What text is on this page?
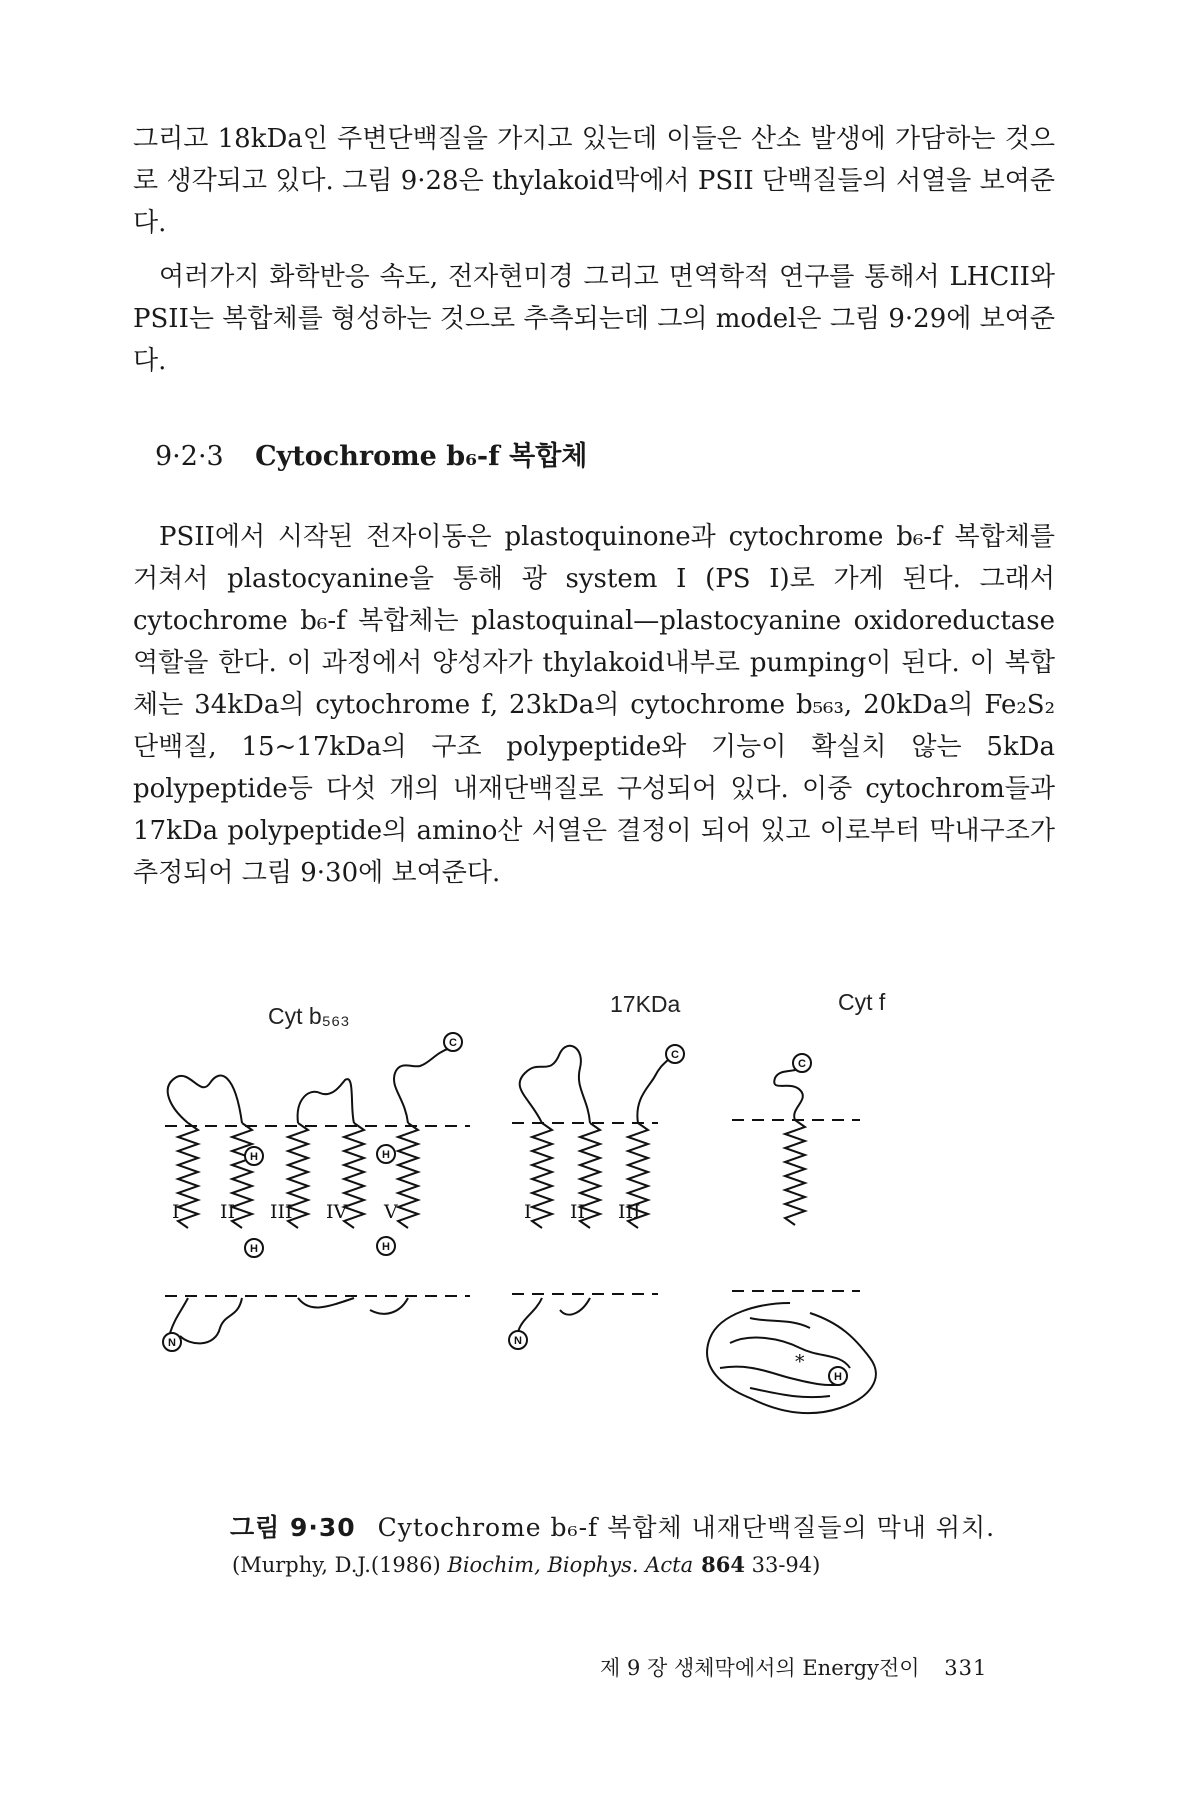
그리고 18kDa인 주변단백질을 가지고 있는데 이들은 산소 발생에 가담하는 것으로 생각되고 있다. 그림 9·28은 thylakoid막에서 PSII 단백질들의 서열을 보여준다.

여러가지 화학반응 속도, 전자현미경 그리고 면역학적 연구를 통해서 LHCII와 PSII는 복합체를 형성하는 것으로 추측되는데 그의 model은 그림 9·29에 보여준다.

9·2·3 Cytochrome b₆-f 복합체

PSII에서 시작된 전자이동은 plastoquinone과 cytochrome b₆-f 복합체를 거쳐서 plastocyanine을 통해 광 system I (PS I)로 가게 된다. 그래서 cytochrome b₆-f 복합체는 plastoquinal—plastocyanine oxidoreductase역할을 한다. 이 과정에서 양성자가 thylakoid내부로 pumping이 된다. 이 복합체는 34kDa의 cytochrome f, 23kDa의 cytochrome b₅₆₃, 20kDa의 Fe₂S₂단백질, 15~17kDa의 구조 polypeptide와 기능이 확실치 않는 5kDa polypeptide등 다섯 개의 내재단백질로 구성되어 있다. 이중 cytochrom들과 17kDa polypeptide의 amino산 서열은 결정이 되어 있고 이로부터 막내구조가 추정되어 그림 9·30에 보여준다.

Cyt b₅₆₃	17KDa	Cyt f
C
N
H
H
H
H
I II III IV V
C
N
I II III
C
H
*

그림 9·30 Cytochrome b₆-f 복합체 내재단백질들의 막내 위치.

(Murphy, D.J.(1986) Biochim, Biophys. Acta 864 33-94)

제 9 장 생체막에서의 Energy전이 331
